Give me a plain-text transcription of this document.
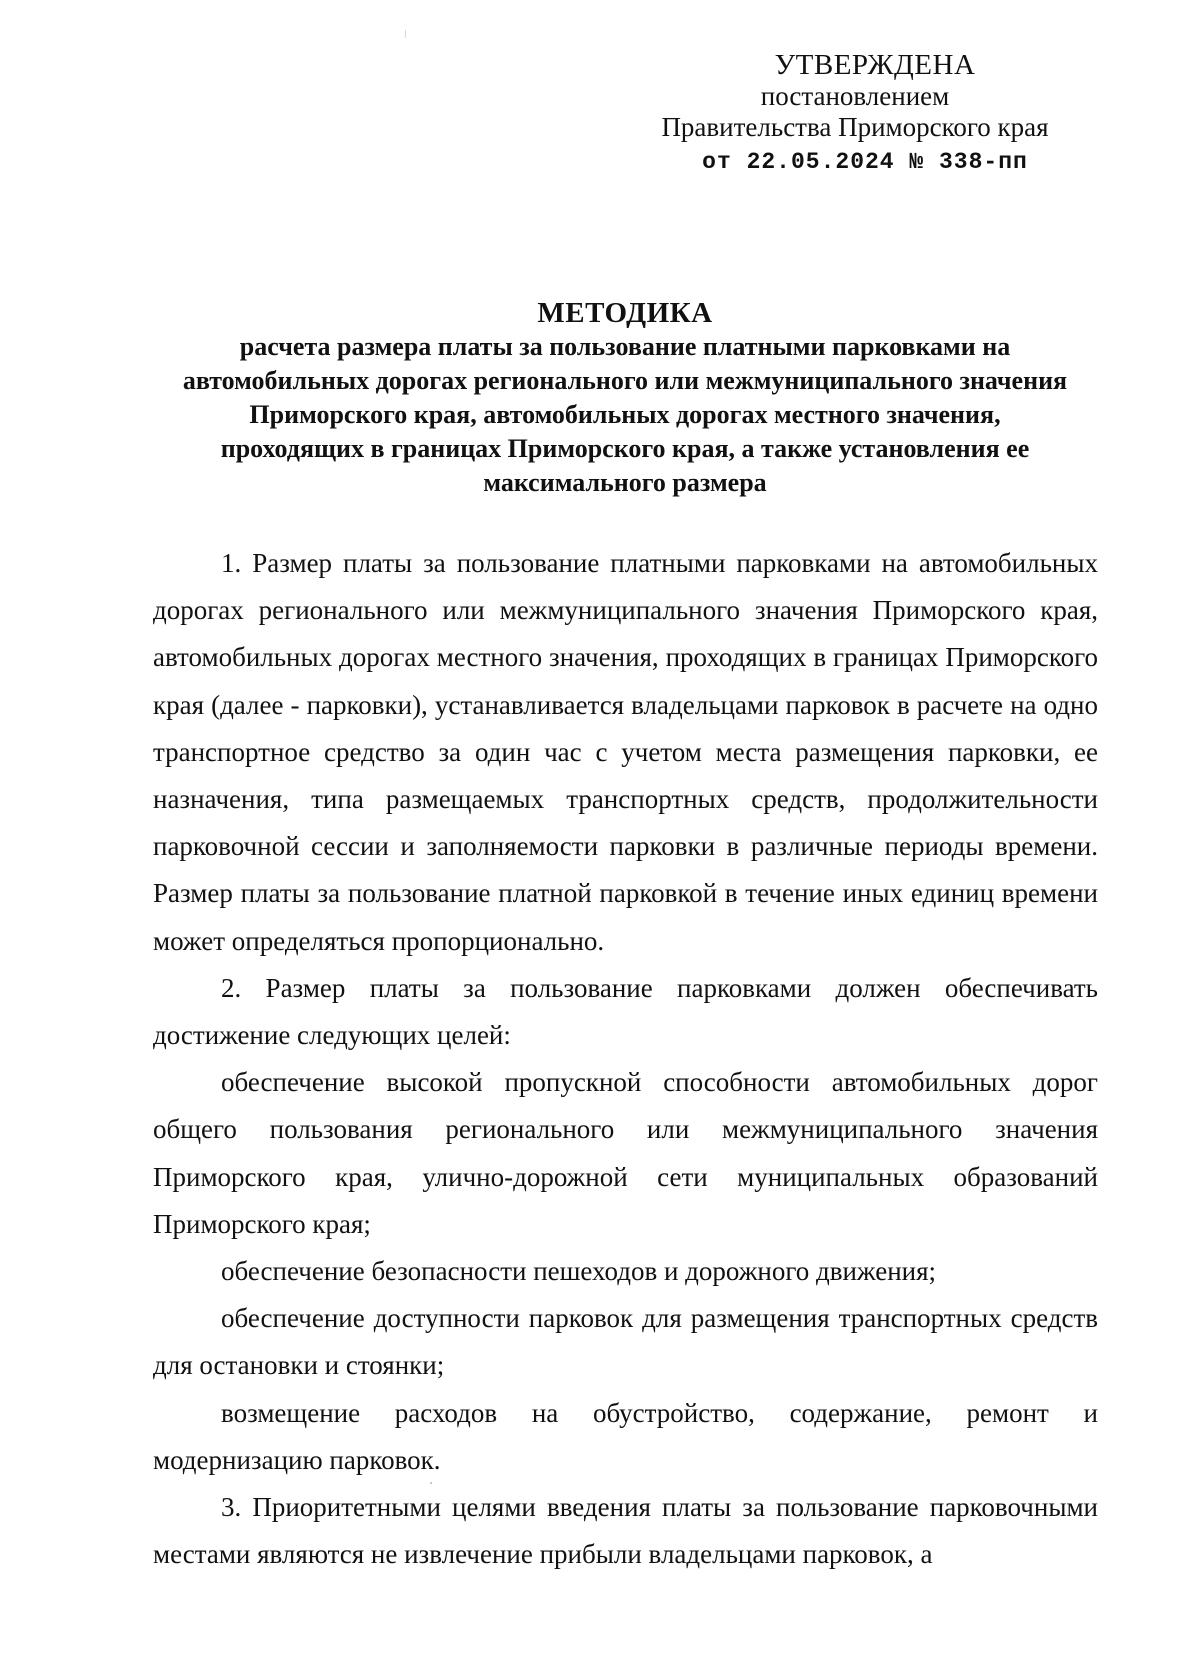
УТВЕРЖДЕНА
постановлением
Правительства Приморского края
от 22.05.2024 № 338-пп
МЕТОДИКА
расчета размера платы за пользование платными парковками на
автомобильных дорогах регионального или межмуниципального значения
Приморского края, автомобильных дорогах местного значения,
проходящих в границах Приморского края, а также установления ее
максимального размера

1. Размер платы за пользование платными парковками на автомобильных дорогах регионального или межмуниципального значения Приморского края, автомобильных дорогах местного значения, проходящих в границах Приморского края (далее - парковки), устанавливается владельцами парковок в расчете на одно транспортное средство за один час с учетом места размещения парковки, ее назначения, типа размещаемых транспортных средств, продолжительности парковочной сессии и заполняемости парковки в различные периоды времени. Размер платы за пользование платной парковкой в течение иных единиц времени может определяться пропорционально.

2. Размер платы за пользование парковками должен обеспечивать достижение следующих целей:

обеспечение высокой пропускной способности автомобильных дорог общего пользования регионального или межмуниципального значения Приморского края, улично-дорожной сети муниципальных образований Приморского края;

обеспечение безопасности пешеходов и дорожного движения;

обеспечение доступности парковок для размещения транспортных средств для остановки и стоянки;

возмещение расходов на обустройство, содержание, ремонт и модернизацию парковок.

3. Приоритетными целями введения платы за пользование парковочными местами являются не извлечение прибыли владельцами парковок, а
